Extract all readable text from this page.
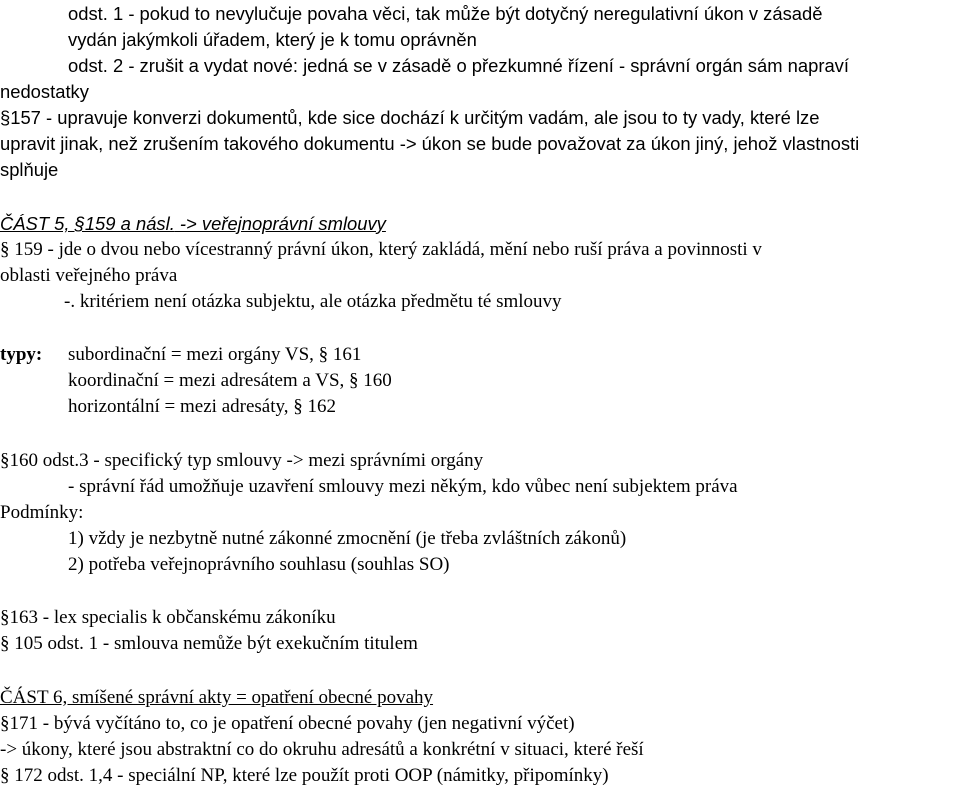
odst. 1 - pokud to nevylučuje povaha věci, tak může být dotyčný neregulativní úkon v zásadě
vydán jakýmkoli úřadem, který je k tomu oprávněn
odst. 2 - zrušit a vydat nové: jedná se v zásadě o přezkumné řízení - správní orgán sám napraví
nedostatky
§157 - upravuje konverzi dokumentů, kde sice dochází k určitým vadám, ale jsou to ty vady, které lze
upravit jinak, než zrušením takového dokumentu -> úkon se bude považovat za úkon jiný, jehož vlastnosti
splňuje
ČÁST 5, §159 a násl. -> veřejnoprávní smlouvy
§ 159 - jde o dvou nebo vícestranný právní úkon, který zakládá, mění nebo ruší práva a povinnosti v
oblasti veřejného práva
-. kritériem není otázka subjektu, ale otázka předmětu té smlouvy
typy:	subordinační = mezi orgány VS, § 161
koordinační = mezi adresátem a VS, § 160
horizontální = mezi adresáty, § 162
§160 odst.3 - specifický typ smlouvy -> mezi správními orgány
- správní řád umožňuje uzavření smlouvy mezi někým, kdo vůbec není subjektem práva
Podmínky:
1) vždy je nezbytně nutné zákonné zmocnění (je třeba zvláštních zákonů)
2) potřeba veřejnoprávního souhlasu (souhlas SO)
§163 - lex specialis k občanskému zákoníku
§ 105 odst. 1 - smlouva nemůže být exekučním titulem
ČÁST 6, smíšené správní akty = opatření obecné povahy
§171 - bývá vyčítáno to, co je opatření obecné povahy (jen negativní výčet)
-> úkony, které jsou abstraktní co do okruhu adresátů a konkrétní v situaci, které řeší
§ 172 odst. 1,4 - speciální NP, které lze použít proti OOP (námitky, připomínky)
